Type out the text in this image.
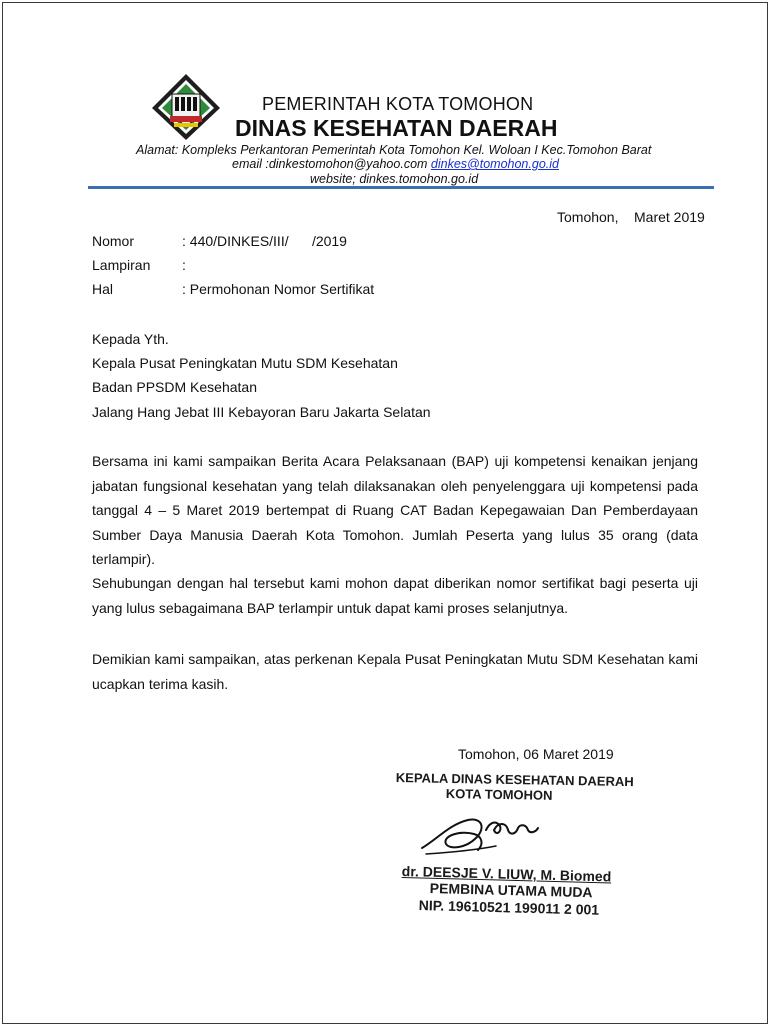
PEMERINTAH KOTA TOMOHON
DINAS KESEHATAN DAERAH
Alamat: Kompleks Perkantoran Pemerintah Kota Tomohon Kel. Woloan I Kec.Tomohon Barat
email :dinkestomohon@yahoo.com dinkes@tomohon.go.id
website; dinkes.tomohon.go.id
Tomohon, Maret 2019
Nomor	: 440/DINKES/III/      /2019
Lampiran :
Hal	: Permohonan Nomor Sertifikat
Kepada Yth.
Kepala Pusat Peningkatan Mutu SDM Kesehatan
Badan PPSDM Kesehatan
Jalang Hang Jebat III Kebayoran Baru Jakarta Selatan
Bersama ini kami sampaikan Berita Acara Pelaksanaan (BAP) uji kompetensi kenaikan jenjang jabatan fungsional kesehatan yang telah dilaksanakan oleh penyelenggara uji kompetensi pada tanggal 4 – 5 Maret 2019 bertempat di Ruang CAT Badan Kepegawaian Dan Pemberdayaan Sumber Daya Manusia Daerah Kota Tomohon. Jumlah Peserta yang lulus 35 orang (data terlampir).
Sehubungan dengan hal tersebut kami mohon dapat diberikan nomor sertifikat bagi peserta uji yang lulus sebagaimana BAP terlampir untuk dapat kami proses selanjutnya.
Demikian kami sampaikan, atas perkenan Kepala Pusat Peningkatan Mutu SDM Kesehatan kami ucapkan terima kasih.
Tomohon, 06 Maret 2019
KEPALA DINAS KESEHATAN DAERAH
KOTA TOMOHON
dr. DEESJE V. LIUW, M. Biomed
PEMBINA UTAMA MUDA
NIP. 19610521 199011 2 001
